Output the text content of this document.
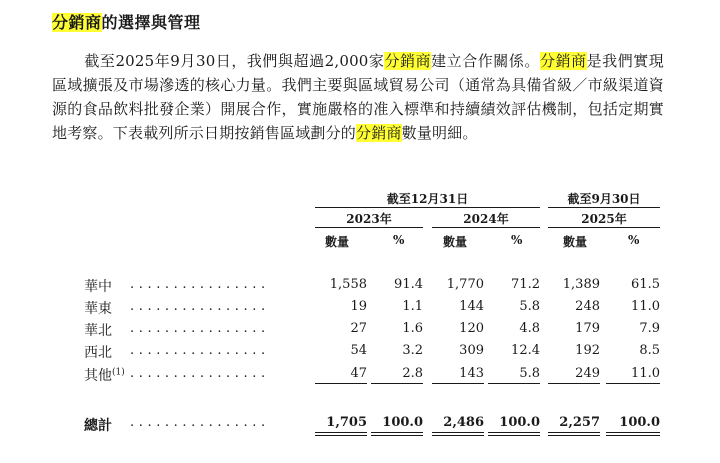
分銷商的選擇與管理
截至2025年9月30日，我們與超過2,000家分銷商建立合作關係。分銷商是我們實現區域擴張及市場滲透的核心力量。我們主要與區域貿易公司（通常為具備省級／市級渠道資源的食品飲料批發企業）開展合作，實施嚴格的准入標準和持續績效評估機制，包括定期實地考察。下表載列所示日期按銷售區域劃分的分銷商數量明細。
截至12月31日	截至9月30日
2023年	2024年	2025年
數量	%	數量	%	數量	%
華中 ................	1,558	91.4	1,770	71.2	1,389	61.5
華東 ................	19	1.1	144	5.8	248	11.0
華北 ................	27	1.6	120	4.8	179	7.9
西北 ................	54	3.2	309	12.4	192	8.5
其他$^{(1)}$ ................	47	2.8	143	5.8	249	11.0
總計 ................	1,705	100.0	2,486	100.0	2,257	100.0
